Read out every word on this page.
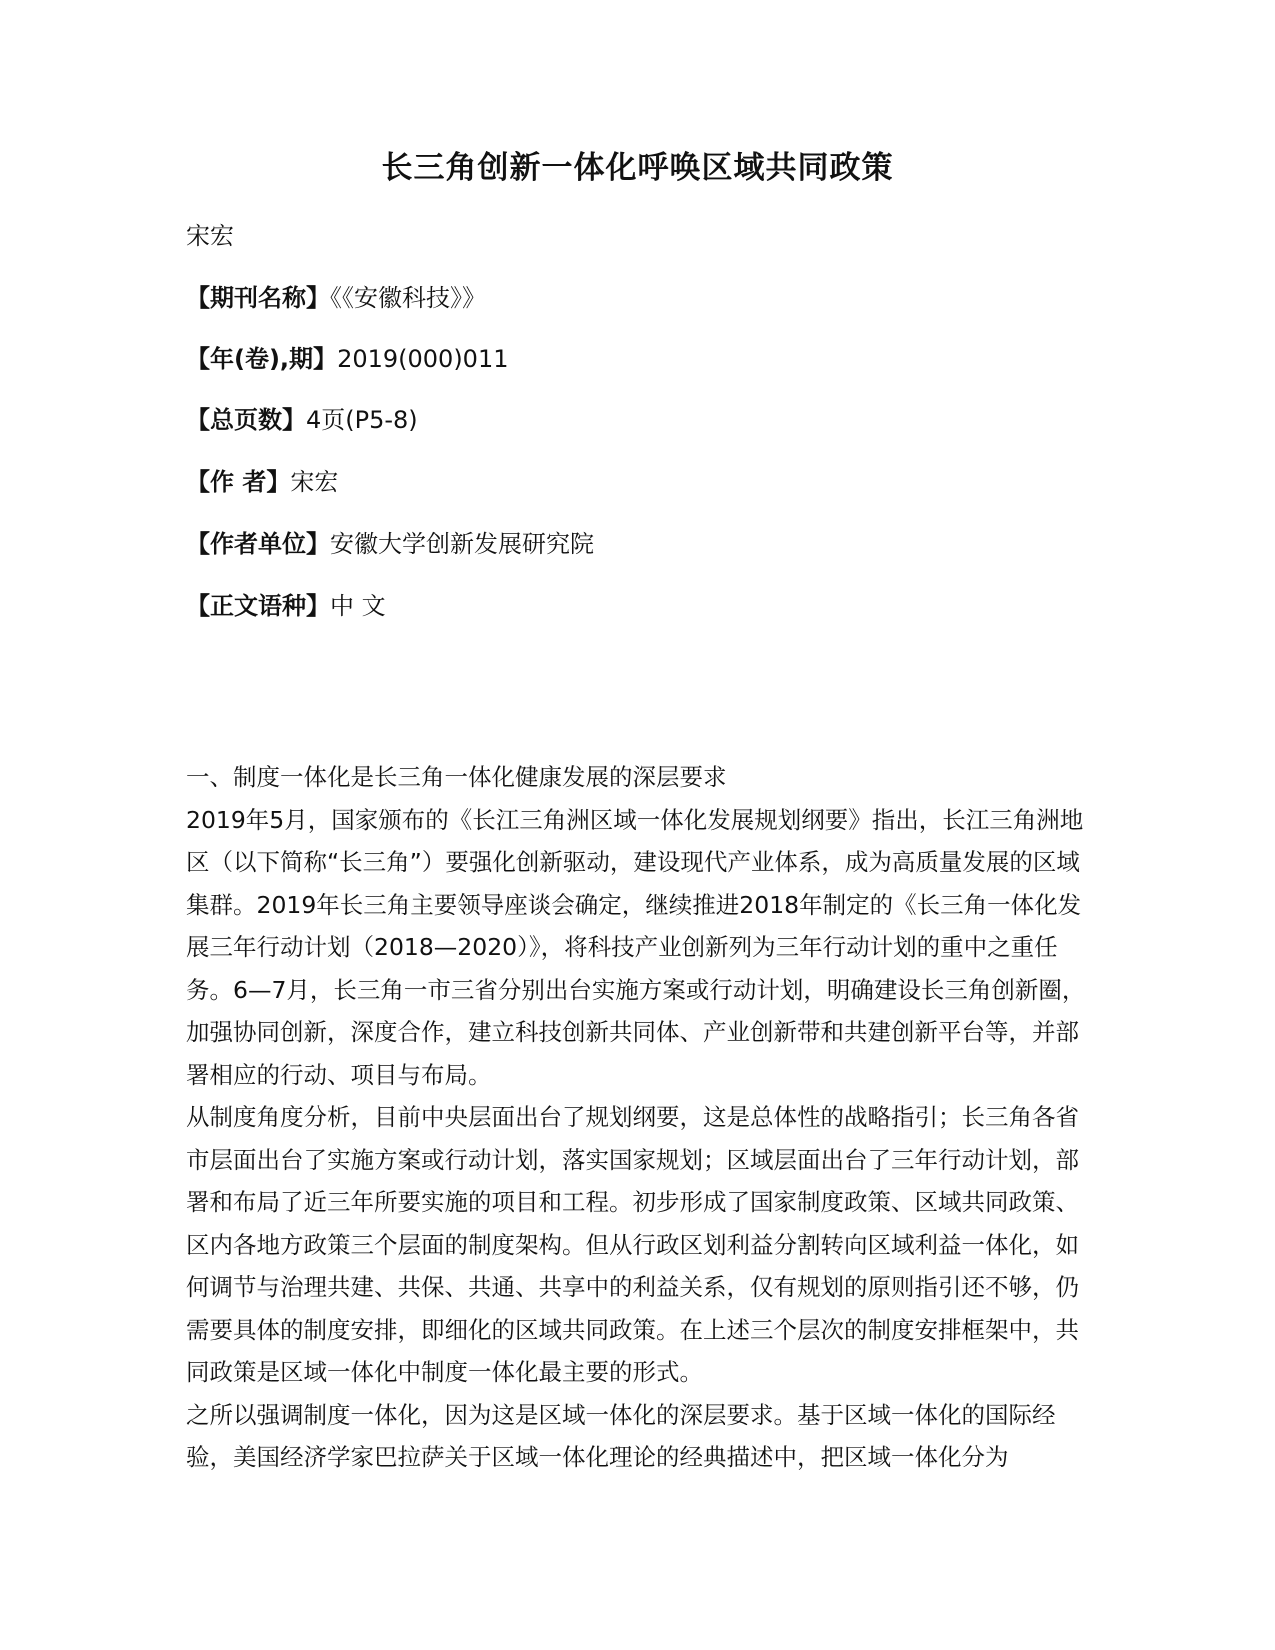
长三角创新一体化呼唤区域共同政策
宋宏
【期刊名称】《《安徽科技》》
【年(卷),期】2019(000)011
【总页数】4页(P5-8)
【作 者】宋宏
【作者单位】安徽大学创新发展研究院
【正文语种】中 文

一、制度一体化是长三角一体化健康发展的深层要求

2019年5月，国家颁布的《长江三角洲区域一体化发展规划纲要》指出，长江三角洲地区（以下简称“长三角”）要强化创新驱动，建设现代产业体系，成为高质量发展的区域集群。2019年长三角主要领导座谈会确定，继续推进2018年制定的《长三角一体化发展三年行动计划（2018—2020）》，将科技产业创新列为三年行动计划的重中之重任务。6—7月，长三角一市三省分别出台实施方案或行动计划，明确建设长三角创新圈，加强协同创新，深度合作，建立科技创新共同体、产业创新带和共建创新平台等，并部署相应的行动、项目与布局。

从制度角度分析，目前中央层面出台了规划纲要，这是总体性的战略指引；长三角各省市层面出台了实施方案或行动计划，落实国家规划；区域层面出台了三年行动计划，部署和布局了近三年所要实施的项目和工程。初步形成了国家制度政策、区域共同政策、区内各地方政策三个层面的制度架构。但从行政区划利益分割转向区域利益一体化，如何调节与治理共建、共保、共通、共享中的利益关系，仅有规划的原则指引还不够，仍需要具体的制度安排，即细化的区域共同政策。在上述三个层次的制度安排框架中，共同政策是区域一体化中制度一体化最主要的形式。

之所以强调制度一体化，因为这是区域一体化的深层要求。基于区域一体化的国际经验，美国经济学家巴拉萨关于区域一体化理论的经典描述中，把区域一体化分为
